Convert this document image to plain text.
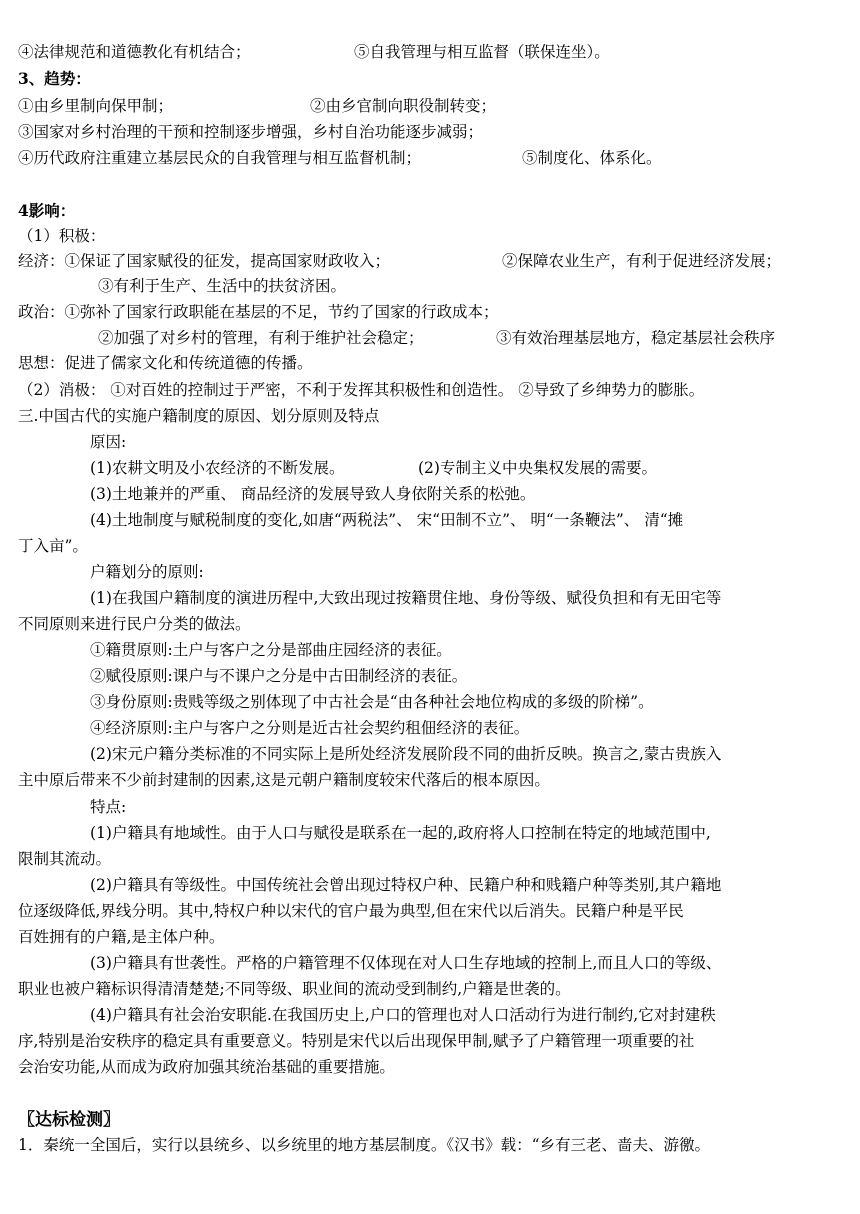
④法律规范和道德教化有机结合；	⑤自我管理与相互监督（联保连坐）。
3、趋势：
①由乡里制向保甲制；	②由乡官制向职役制转变；
③国家对乡村治理的干预和控制逐步增强，乡村自治功能逐步减弱；
④历代政府注重建立基层民众的自我管理与相互监督机制；	⑤制度化、体系化。
4影响：
（1）积极：
经济：①保证了国家赋役的征发，提高国家财政收入；	②保障农业生产，有利于促进经济发展；
③有利于生产、生活中的扶贫济困。
政治：①弥补了国家行政职能在基层的不足，节约了国家的行政成本；
②加强了对乡村的管理，有利于维护社会稳定；	③有效治理基层地方，稳定基层社会秩序
思想：促进了儒家文化和传统道德的传播。
（2）消极： ①对百姓的控制过于严密，不利于发挥其积极性和创造性。 ②导致了乡绅势力的膨胀。
三.中国古代的实施户籍制度的原因、划分原则及特点
原因:
(1)农耕文明及小农经济的不断发展。	(2)专制主义中央集权发展的需要。
(3)土地兼并的严重、 商品经济的发展导致人身依附关系的松弛。
(4)土地制度与赋税制度的变化,如唐“两税法”、 宋“田制不立”、 明“一条鞭法”、 清“摊
丁入亩”。
户籍划分的原则:
(1)在我国户籍制度的演进历程中,大致出现过按籍贯住地、身份等级、赋役负担和有无田宅等
不同原则来进行民户分类的做法。
①籍贯原则:土户与客户之分是部曲庄园经济的表征。
②赋役原则:课户与不课户之分是中古田制经济的表征。
③身份原则:贵贱等级之别体现了中古社会是“由各种社会地位构成的多级的阶梯”。
④经济原则:主户与客户之分则是近古社会契约租佃经济的表征。
(2)宋元户籍分类标准的不同实际上是所处经济发展阶段不同的曲折反映。换言之,蒙古贵族入
主中原后带来不少前封建制的因素,这是元朝户籍制度较宋代落后的根本原因。
特点:
(1)户籍具有地域性。由于人口与赋役是联系在一起的,政府将人口控制在特定的地域范围中,
限制其流动。
(2)户籍具有等级性。中国传统社会曾出现过特权户种、民籍户种和贱籍户种等类别,其户籍地
位逐级降低,界线分明。其中,特权户种以宋代的官户最为典型,但在宋代以后消失。民籍户种是平民
百姓拥有的户籍,是主体户种。
(3)户籍具有世袭性。严格的户籍管理不仅体现在对人口生存地域的控制上,而且人口的等级、
职业也被户籍标识得清清楚楚;不同等级、职业间的流动受到制约,户籍是世袭的。
(4)户籍具有社会治安职能.在我国历史上,户口的管理也对人口活动行为进行制约,它对封建秩
序,特别是治安秩序的稳定具有重要意义。特别是宋代以后出现保甲制,赋予了户籍管理一项重要的社
会治安功能,从而成为政府加强其统治基础的重要措施。
〖达标检测〗
1．秦统一全国后，实行以县统乡、以乡统里的地方基层制度。《汉书》载：“乡有三老、啬夫、游徼。
